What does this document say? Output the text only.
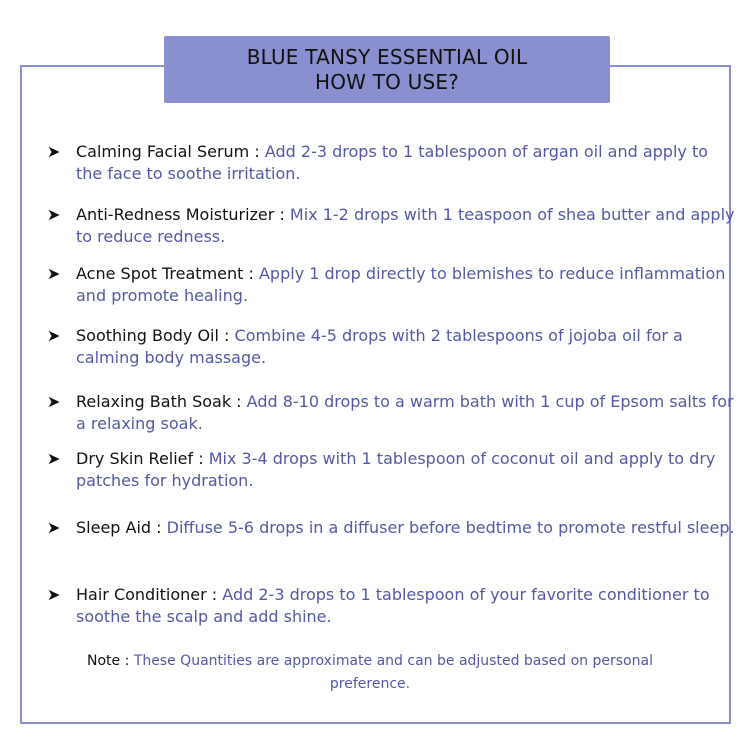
BLUE TANSY ESSENTIAL OIL
HOW TO USE?
➤ Calming Facial Serum : Add 2-3 drops to 1 tablespoon of argan oil and apply to the face to soothe irritation.
➤ Anti-Redness Moisturizer : Mix 1-2 drops with 1 teaspoon of shea butter and apply to reduce redness.
➤ Acne Spot Treatment : Apply 1 drop directly to blemishes to reduce inflammation and promote healing.
➤ Soothing Body Oil : Combine 4-5 drops with 2 tablespoons of jojoba oil for a calming body massage.
➤ Relaxing Bath Soak : Add 8-10 drops to a warm bath with 1 cup of Epsom salts for a relaxing soak.
➤ Dry Skin Relief : Mix 3-4 drops with 1 tablespoon of coconut oil and apply to dry patches for hydration.
➤ Sleep Aid : Diffuse 5-6 drops in a diffuser before bedtime to promote restful sleep.
➤ Hair Conditioner : Add 2-3 drops to 1 tablespoon of your favorite conditioner to soothe the scalp and add shine.
Note : These Quantities are approximate and can be adjusted based on personal preference.
